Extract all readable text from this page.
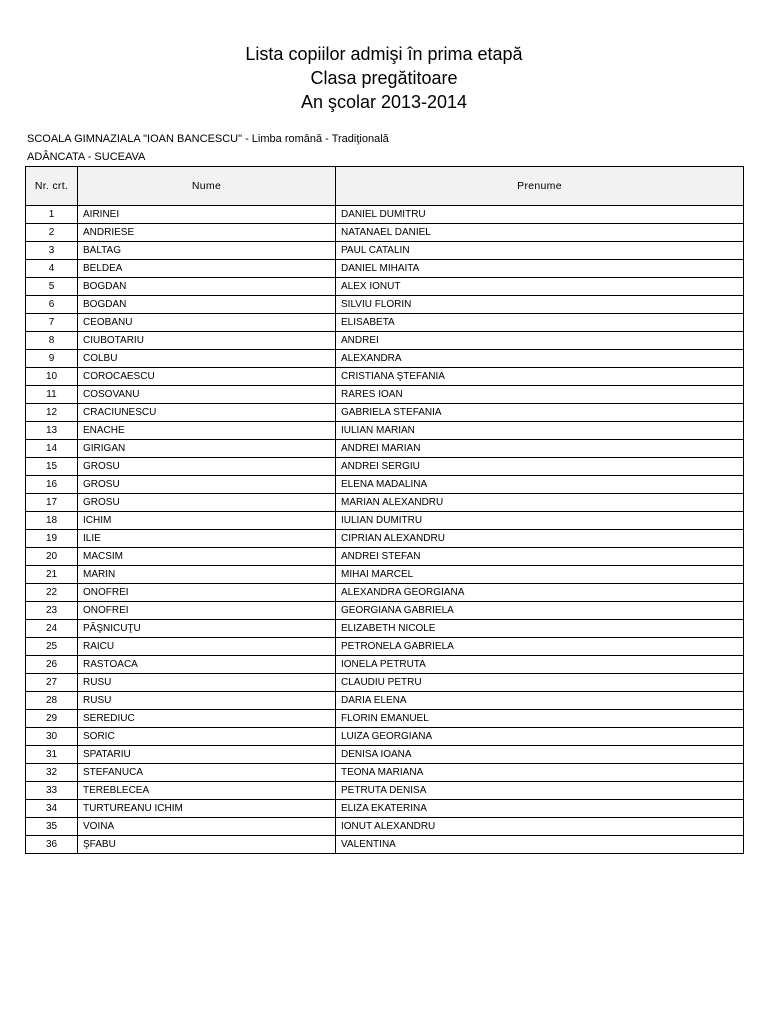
Lista copiilor admişi în prima etapă
Clasa pregătitoare
An şcolar 2013-2014
SCOALA GIMNAZIALA "IOAN BANCESCU" - Limba română - Tradiţională
ADÂNCATA - SUCEAVA
Nr. crt.	Nume	Prenume
1	AIRINEI	DANIEL DUMITRU
2	ANDRIESE	NATANAEL DANIEL
3	BALTAG	PAUL CATALIN
4	BELDEA	DANIEL MIHAITA
5	BOGDAN	ALEX IONUT
6	BOGDAN	SILVIU FLORIN
7	CEOBANU	ELISABETA
8	CIUBOTARIU	ANDREI
9	COLBU	ALEXANDRA
10	COROCAESCU	CRISTIANA ŞTEFANIA
11	COSOVANU	RARES IOAN
12	CRACIUNESCU	GABRIELA STEFANIA
13	ENACHE	IULIAN MARIAN
14	GIRIGAN	ANDREI MARIAN
15	GROSU	ANDREI SERGIU
16	GROSU	ELENA MADALINA
17	GROSU	MARIAN ALEXANDRU
18	ICHIM	IULIAN DUMITRU
19	ILIE	CIPRIAN ALEXANDRU
20	MACSIM	ANDREI STEFAN
21	MARIN	MIHAI MARCEL
22	ONOFREI	ALEXANDRA GEORGIANA
23	ONOFREI	GEORGIANA GABRIELA
24	PĂŞNICUŢU	ELIZABETH NICOLE
25	RAICU	PETRONELA GABRIELA
26	RASTOACA	IONELA PETRUTA
27	RUSU	CLAUDIU PETRU
28	RUSU	DARIA ELENA
29	SEREDIUC	FLORIN EMANUEL
30	SORIC	LUIZA GEORGIANA
31	SPATARIU	DENISA IOANA
32	STEFANUCA	TEONA MARIANA
33	TEREBLECEA	PETRUTA DENISA
34	TURTUREANU ICHIM	ELIZA EKATERINA
35	VOINA	IONUT ALEXANDRU
36	ŞFABU	VALENTINA
